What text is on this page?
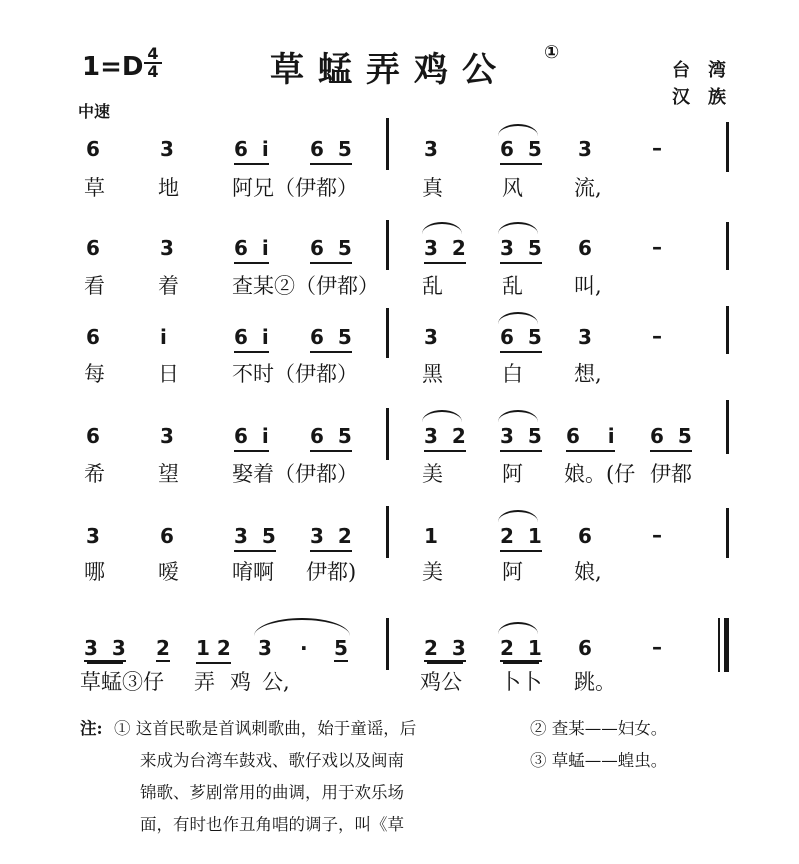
1=D 4
4	草蜢弄鸡公 ①
台　湾
汉　族
中速
6	3	6 i 6 5	3	6 5 3	–
草	地	阿兄（伊都）	真	风 流,
6	3	6 i 6 5	3 2 3 5 6	–
看	着	查某②（伊都） 乱	乱 叫,
6	i	6 i 6 5	3	6 5 3	–
每	日	不时（伊都）	黑	白 想,
6	3	6 i 6 5	3 2 3 5 6 i 6 5
希	望	娶着（伊都）	美	阿 娘。(仔 伊都
3	6	3 5 3 2	1	2 1 6	–
哪	嗳	唷啊 伊都)	美	阿 娘,
3 3 2 1 2 3 · 5	2 3 2 1 6	–
草蜢③仔 弄 鸡 公,	鸡公 卜卜 跳。
注: ① 这首民歌是首讽刺歌曲，始于童谣，后
来成为台湾车鼓戏、歌仔戏以及闽南
锦歌、芗剧常用的曲调，用于欢乐场
面，有时也作丑角唱的调子，叫《草
② 查某——妇女。
③ 草蜢——蝗虫。
